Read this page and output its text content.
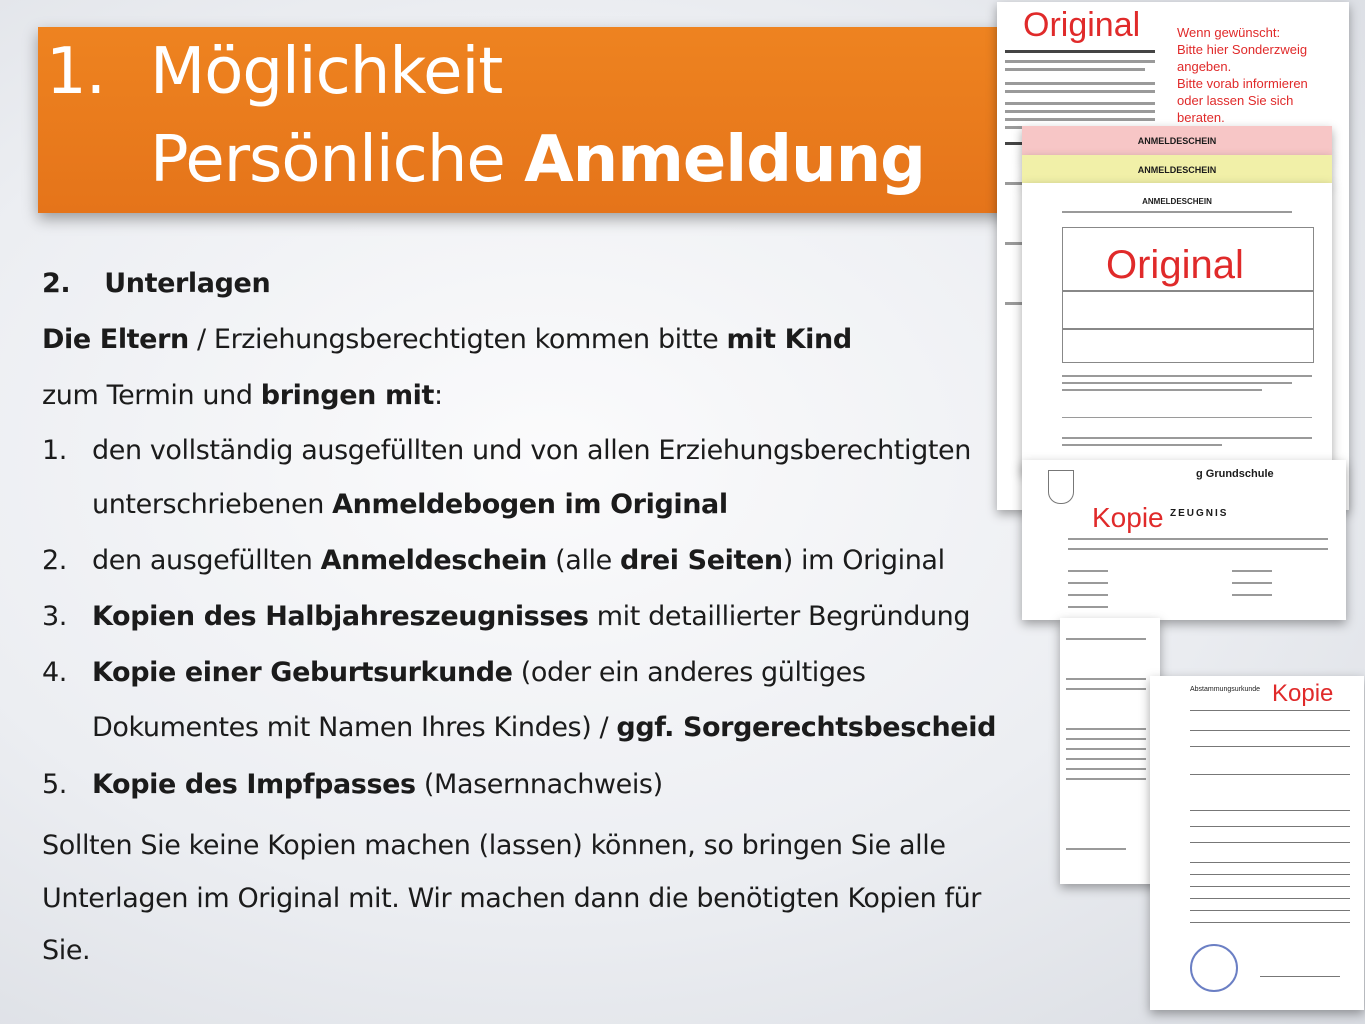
1. Möglichkeit
Persönliche Anmeldung
2. Unterlagen
Die Eltern / Erziehungsberechtigten kommen bitte mit Kind
zum Termin und bringen mit:
1. den vollständig ausgefüllten und von allen Erziehungsberechtigten
unterschriebenen Anmeldebogen im Original
2. den ausgefüllten Anmeldeschein (alle drei Seiten) im Original
3. Kopien des Halbjahreszeugnisses mit detaillierter Begründung
4. Kopie einer Geburtsurkunde (oder ein anderes gültiges
Dokumentes mit Namen Ihres Kindes) / ggf. Sorgerechtsbescheid
5. Kopie des Impfpasses (Masernnachweis)
Sollten Sie keine Kopien machen (lassen) können, so bringen Sie alle
Unterlagen im Original mit. Wir machen dann die benötigten Kopien für
Sie.
Original	Wenn gewünscht:
Bitte hier Sonderzweig
angeben.
Bitte vorab informieren
oder lassen Sie sich
beraten.
ANMELDESCHEIN
ANMELDESCHEIN
ANMELDESCHEIN
Original
g Grundschule
Kopie ZEUGNIS
Abstammungsurkunde Kopie
